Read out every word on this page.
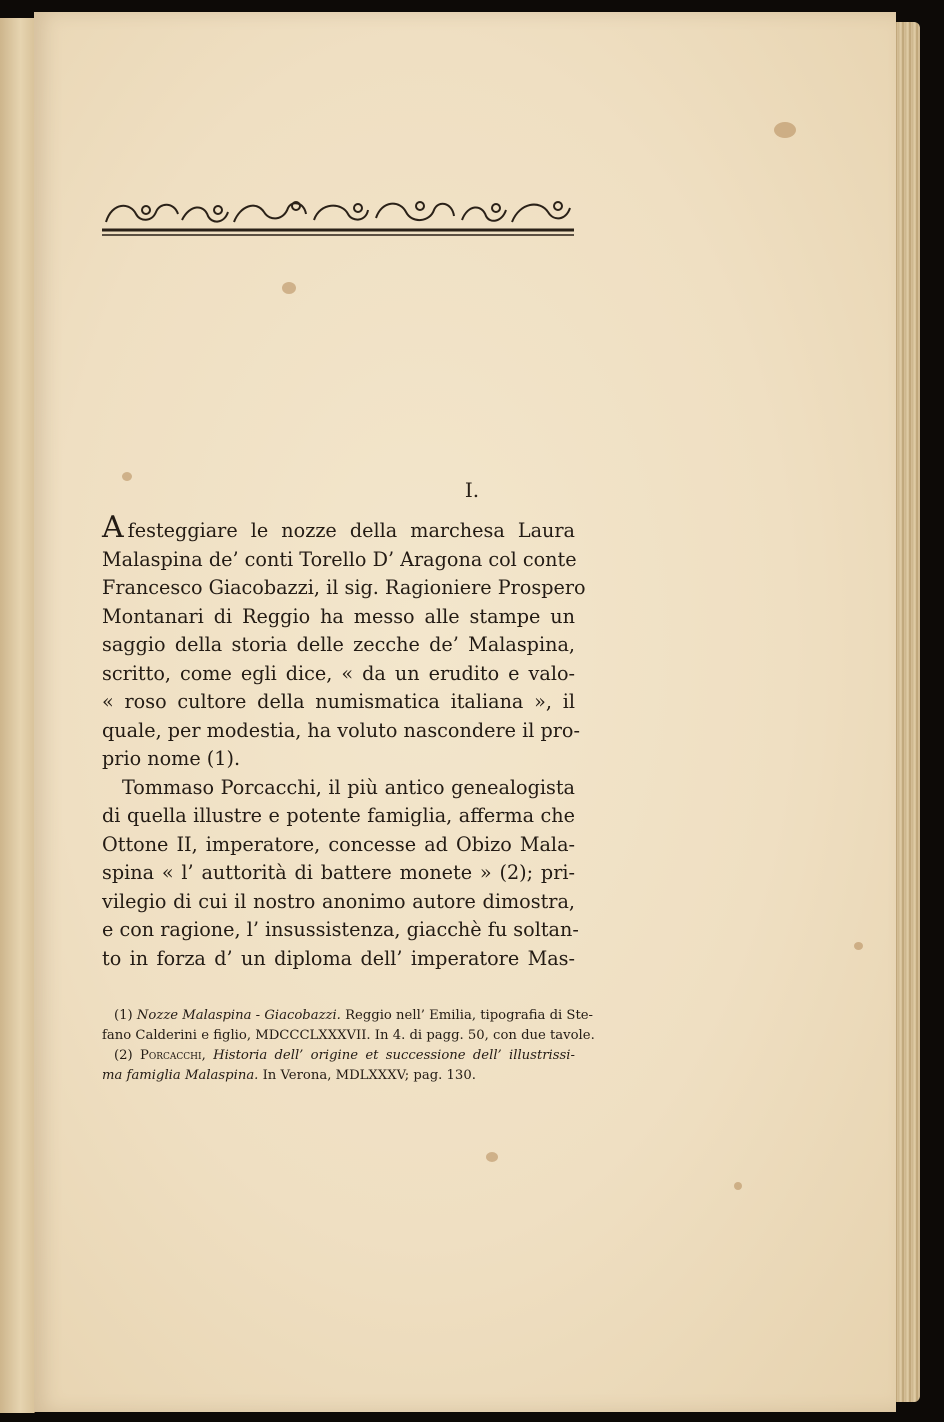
I.
Afesteggiare le nozze della marchesa Laura
Malaspina de’ conti Torello D’ Aragona col conte
Francesco Giacobazzi, il sig. Ragioniere Prospero
Montanari di Reggio ha messo alle stampe un
saggio della storia delle zecche de’ Malaspina,
scritto, come egli dice, « da un erudito e valo-
« roso cultore della numismatica italiana », il
quale, per modestia, ha voluto nascondere il pro-
prio nome (1).
Tommaso Porcacchi, il più antico genealogista
di quella illustre e potente famiglia, afferma che
Ottone II, imperatore, concesse ad Obizo Mala-
spina « l’ auttorità di battere monete » (2); pri-
vilegio di cui il nostro anonimo autore dimostra,
e con ragione, l’ insussistenza, giacchè fu soltan-
to in forza d’ un diploma dell’ imperatore Mas-
(1) Nozze Malaspina - Giacobazzi. Reggio nell’ Emilia, tipografia di Ste-
fano Calderini e figlio, MDCCCLXXXVII. In 4. di pagg. 50, con due tavole.
(2) Porcacchi, Historia dell’ origine et successione dell’ illustrissi-
ma famiglia Malaspina. In Verona, MDLXXXV; pag. 130.
